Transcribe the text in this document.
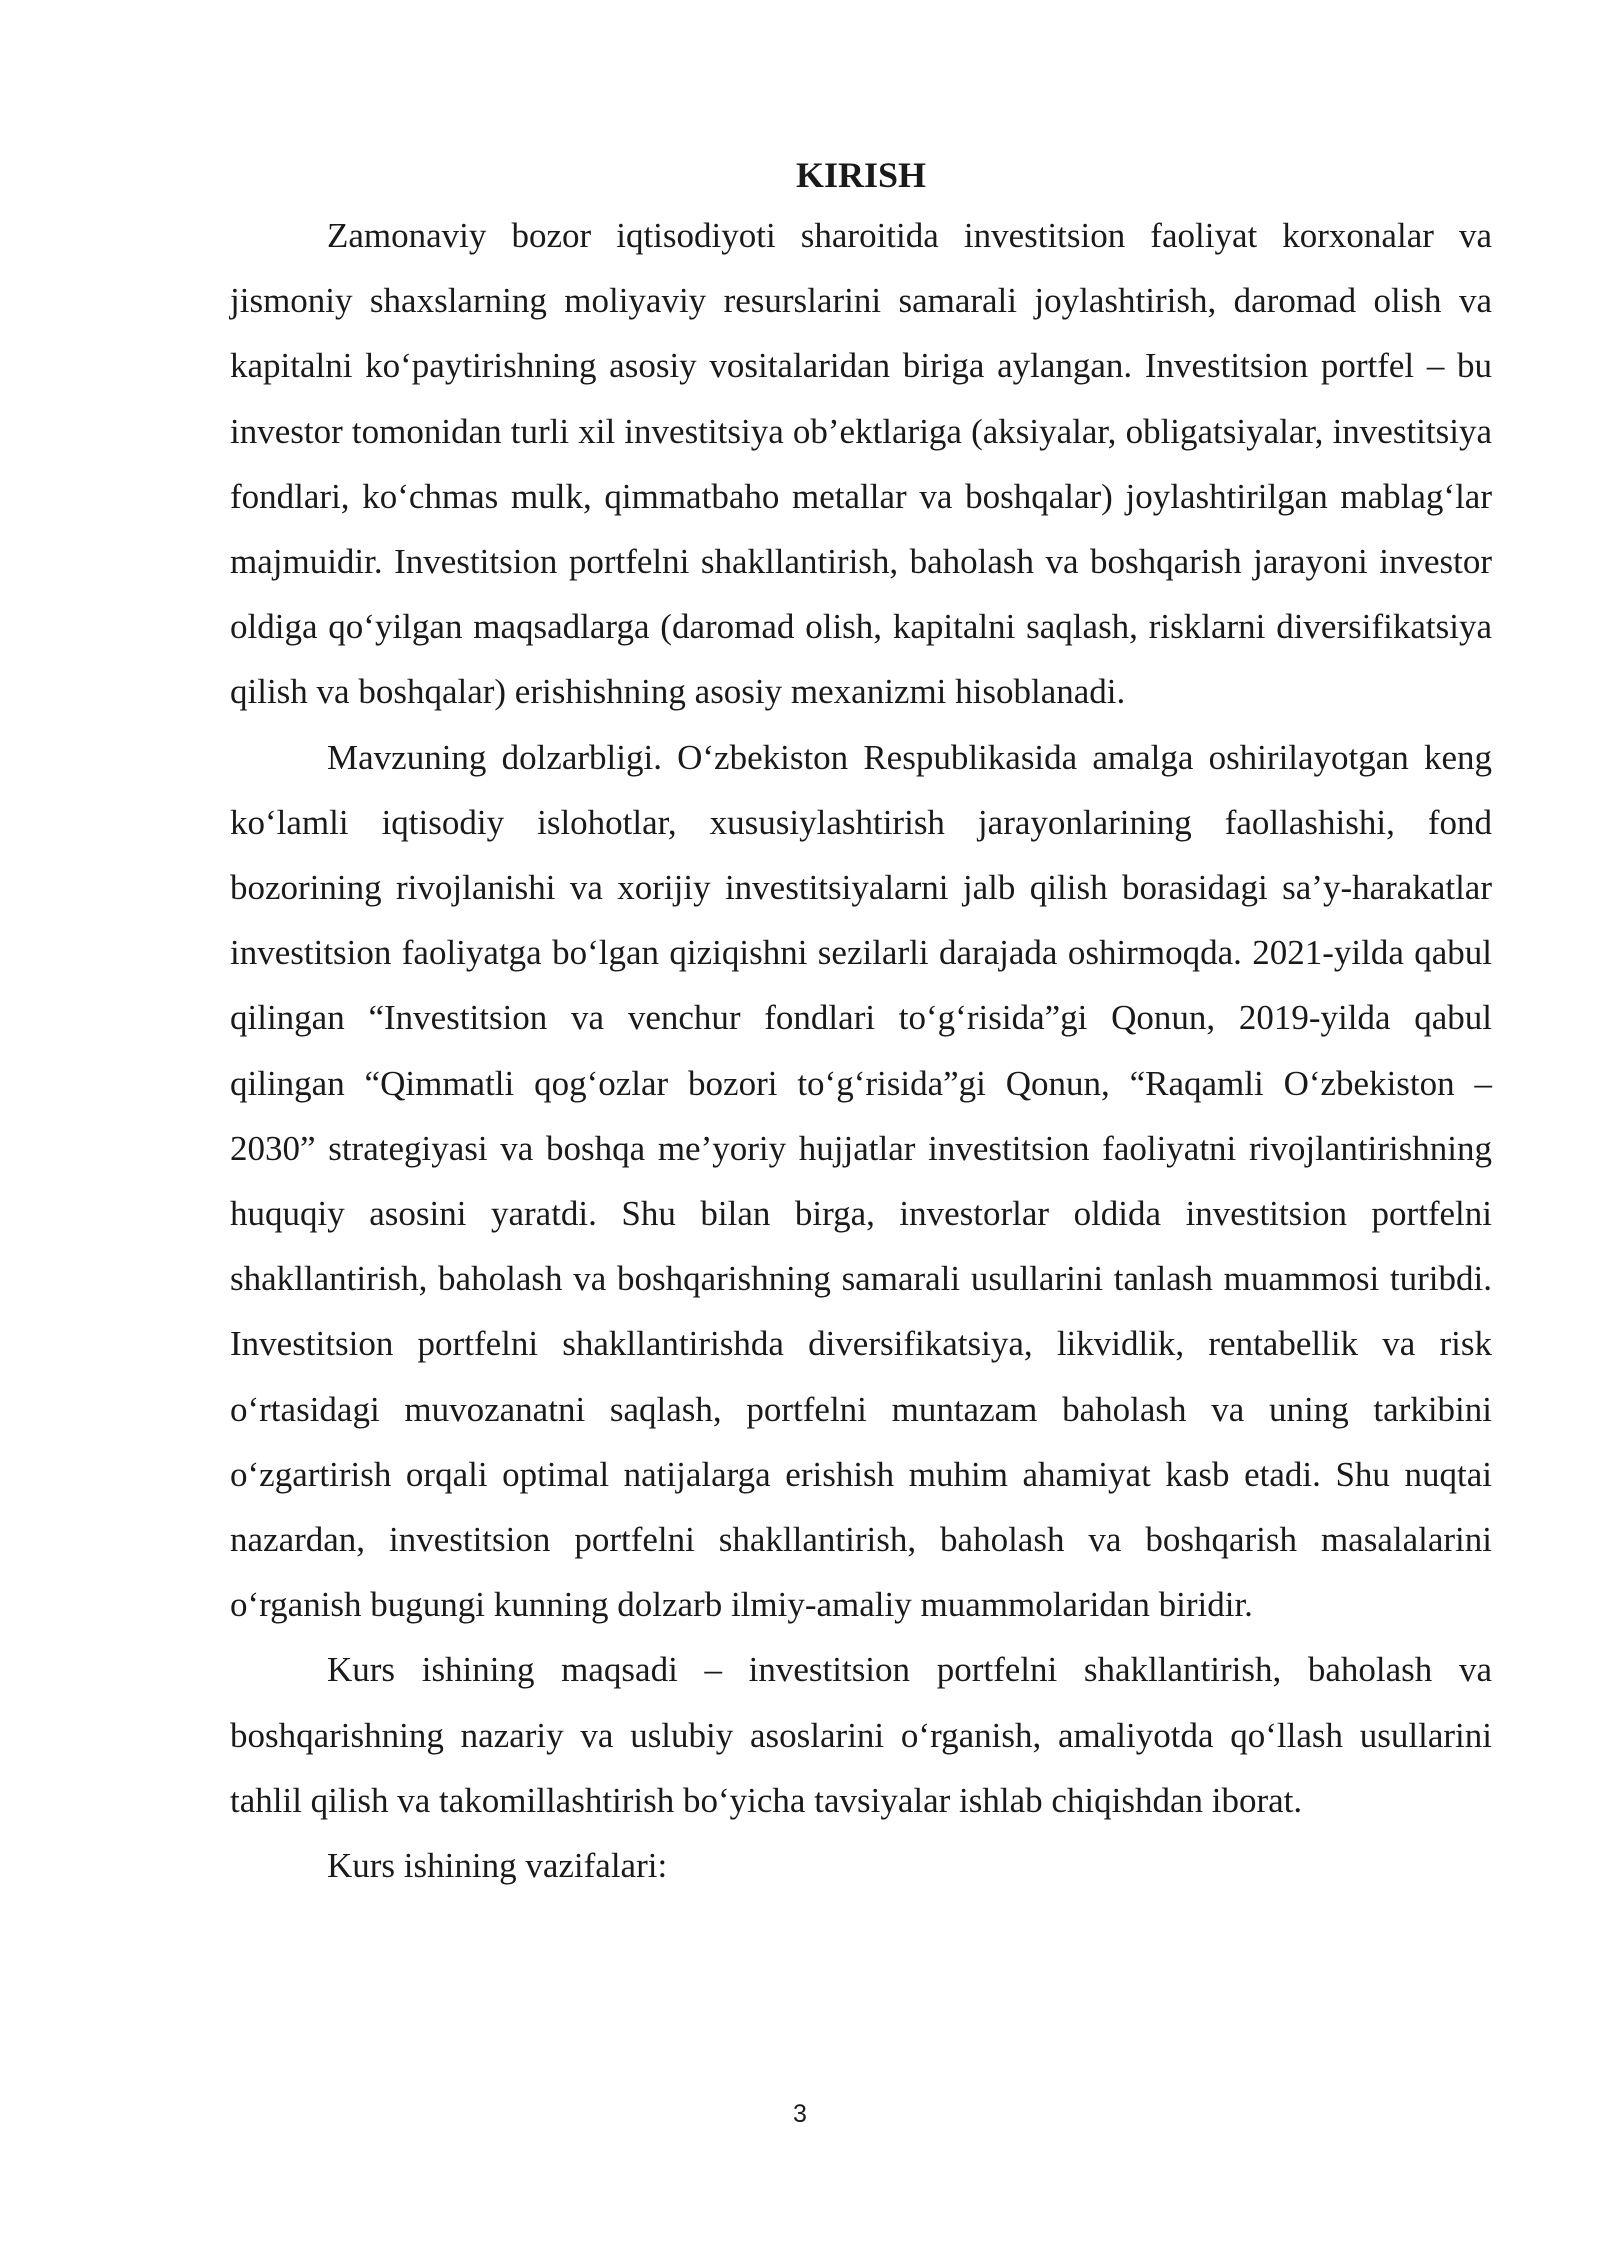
KIRISH

Zamonaviy bozor iqtisodiyoti sharoitida investitsion faoliyat korxonalar va jismoniy shaxslarning moliyaviy resurslarini samarali joylashtirish, daromad olish va kapitalni ko‘paytirishning asosiy vositalaridan biriga aylangan. Investitsion portfel – bu investor tomonidan turli xil investitsiya ob’ektlariga (aksiyalar, obligatsiyalar, investitsiya fondlari, ko‘chmas mulk, qimmatbaho metallar va boshqalar) joylashtirilgan mablag‘lar majmuidir. Investitsion portfelni shakllantirish, baholash va boshqarish jarayoni investor oldiga qo‘yilgan maqsadlarga (daromad olish, kapitalni saqlash, risklarni diversifikatsiya qilish va boshqalar) erishishning asosiy mexanizmi hisoblanadi.

Mavzuning dolzarbligi. O‘zbekiston Respublikasida amalga oshirilayotgan keng ko‘lamli iqtisodiy islohotlar, xususiylashtirish jarayonlarining faollashishi, fond bozorining rivojlanishi va xorijiy investitsiyalarni jalb qilish borasidagi sa’y-harakatlar investitsion faoliyatga bo‘lgan qiziqishni sezilarli darajada oshirmoqda. 2021-yilda qabul qilingan “Investitsion va venchur fondlari to‘g‘risida”gi Qonun, 2019-yilda qabul qilingan “Qimmatli qog‘ozlar bozori to‘g‘risida”gi Qonun, “Raqamli O‘zbekiston – 2030” strategiyasi va boshqa me’yoriy hujjatlar investitsion faoliyatni rivojlantirishning huquqiy asosini yaratdi. Shu bilan birga, investorlar oldida investitsion portfelni shakllantirish, baholash va boshqarishning samarali usullarini tanlash muammosi turibdi. Investitsion portfelni shakllantirishda diversifikatsiya, likvidlik, rentabellik va risk o‘rtasidagi muvozanatni saqlash, portfelni muntazam baholash va uning tarkibini o‘zgartirish orqali optimal natijalarga erishish muhim ahamiyat kasb etadi. Shu nuqtai nazardan, investitsion portfelni shakllantirish, baholash va boshqarish masalalarini o‘rganish bugungi kunning dolzarb ilmiy-amaliy muammolaridan biridir.

Kurs ishining maqsadi – investitsion portfelni shakllantirish, baholash va boshqarishning nazariy va uslubiy asoslarini o‘rganish, amaliyotda qo‘llash usullarini tahlil qilish va takomillashtirish bo‘yicha tavsiyalar ishlab chiqishdan iborat.

Kurs ishining vazifalari:

3
